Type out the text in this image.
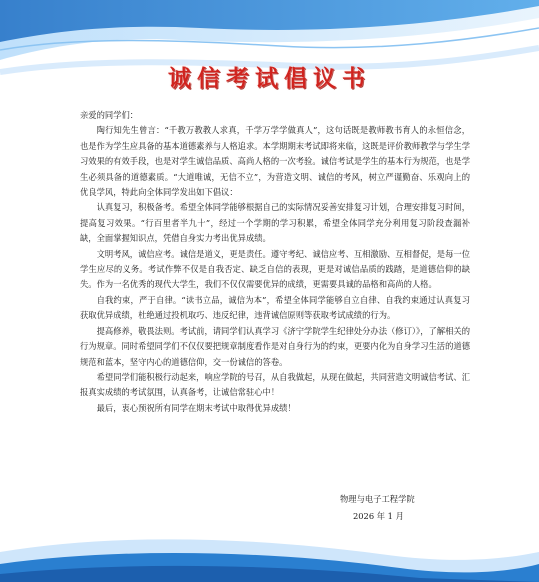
诚信考试倡议书

亲爱的同学们：

陶行知先生曾言：“千教万教教人求真，千学万学学做真人”，这句话既是教师教书育人的永恒信念，也是作为学生应具备的基本道德素养与人格追求。本学期期末考试即将来临，这既是评价教师教学与学生学习效果的有效手段，也是对学生诚信品质、高尚人格的一次考验。诚信考试是学生的基本行为规范，也是学生必须具备的道德素质。“大道唯诚，无信不立”，为营造文明、诚信的考风，树立严谨勤奋、乐观向上的优良学风，特此向全体同学发出如下倡议：

认真复习，积极备考。希望全体同学能够根据自己的实际情况妥善安排复习计划，合理安排复习时间，提高复习效果。“行百里者半九十”，经过一个学期的学习积累，希望全体同学充分利用复习阶段查漏补缺，全面掌握知识点，凭借自身实力考出优异成绩。

文明考风，诚信应考。诚信是道义，更是责任。遵守考纪、诚信应考、互相激励、互相督促，是每一位学生应尽的义务。考试作弊不仅是自我否定、缺乏自信的表现，更是对诚信品质的践踏，是道德信仰的缺失。作为一名优秀的现代大学生，我们不仅仅需要优异的成绩，更需要具诚的品格和高尚的人格。

自我约束，严于自律。“读书立品，诚信为本”，希望全体同学能够自立自律、自我约束通过认真复习获取优异成绩，杜绝通过投机取巧、违反纪律，违背诚信原则等获取考试成绩的行为。

提高修养，敬畏法则。考试前，请同学们认真学习《济宁学院学生纪律处分办法（修订）》，了解相关的行为规章。同时希望同学们不仅仅要把规章制度看作是对自身行为的约束，更要内化为自身学习生活的道德规范和蓝本，坚守内心的道德信仰，交一份诚信的答卷。

希望同学们能积极行动起来，响应学院的号召，从自我做起，从现在做起，共同营造文明诚信考试、汇报真实成绩的考试氛围，认真备考，让诚信常驻心中！

最后，衷心预祝所有同学在期末考试中取得优异成绩！

物理与电子工程学院
2026 年 1 月
